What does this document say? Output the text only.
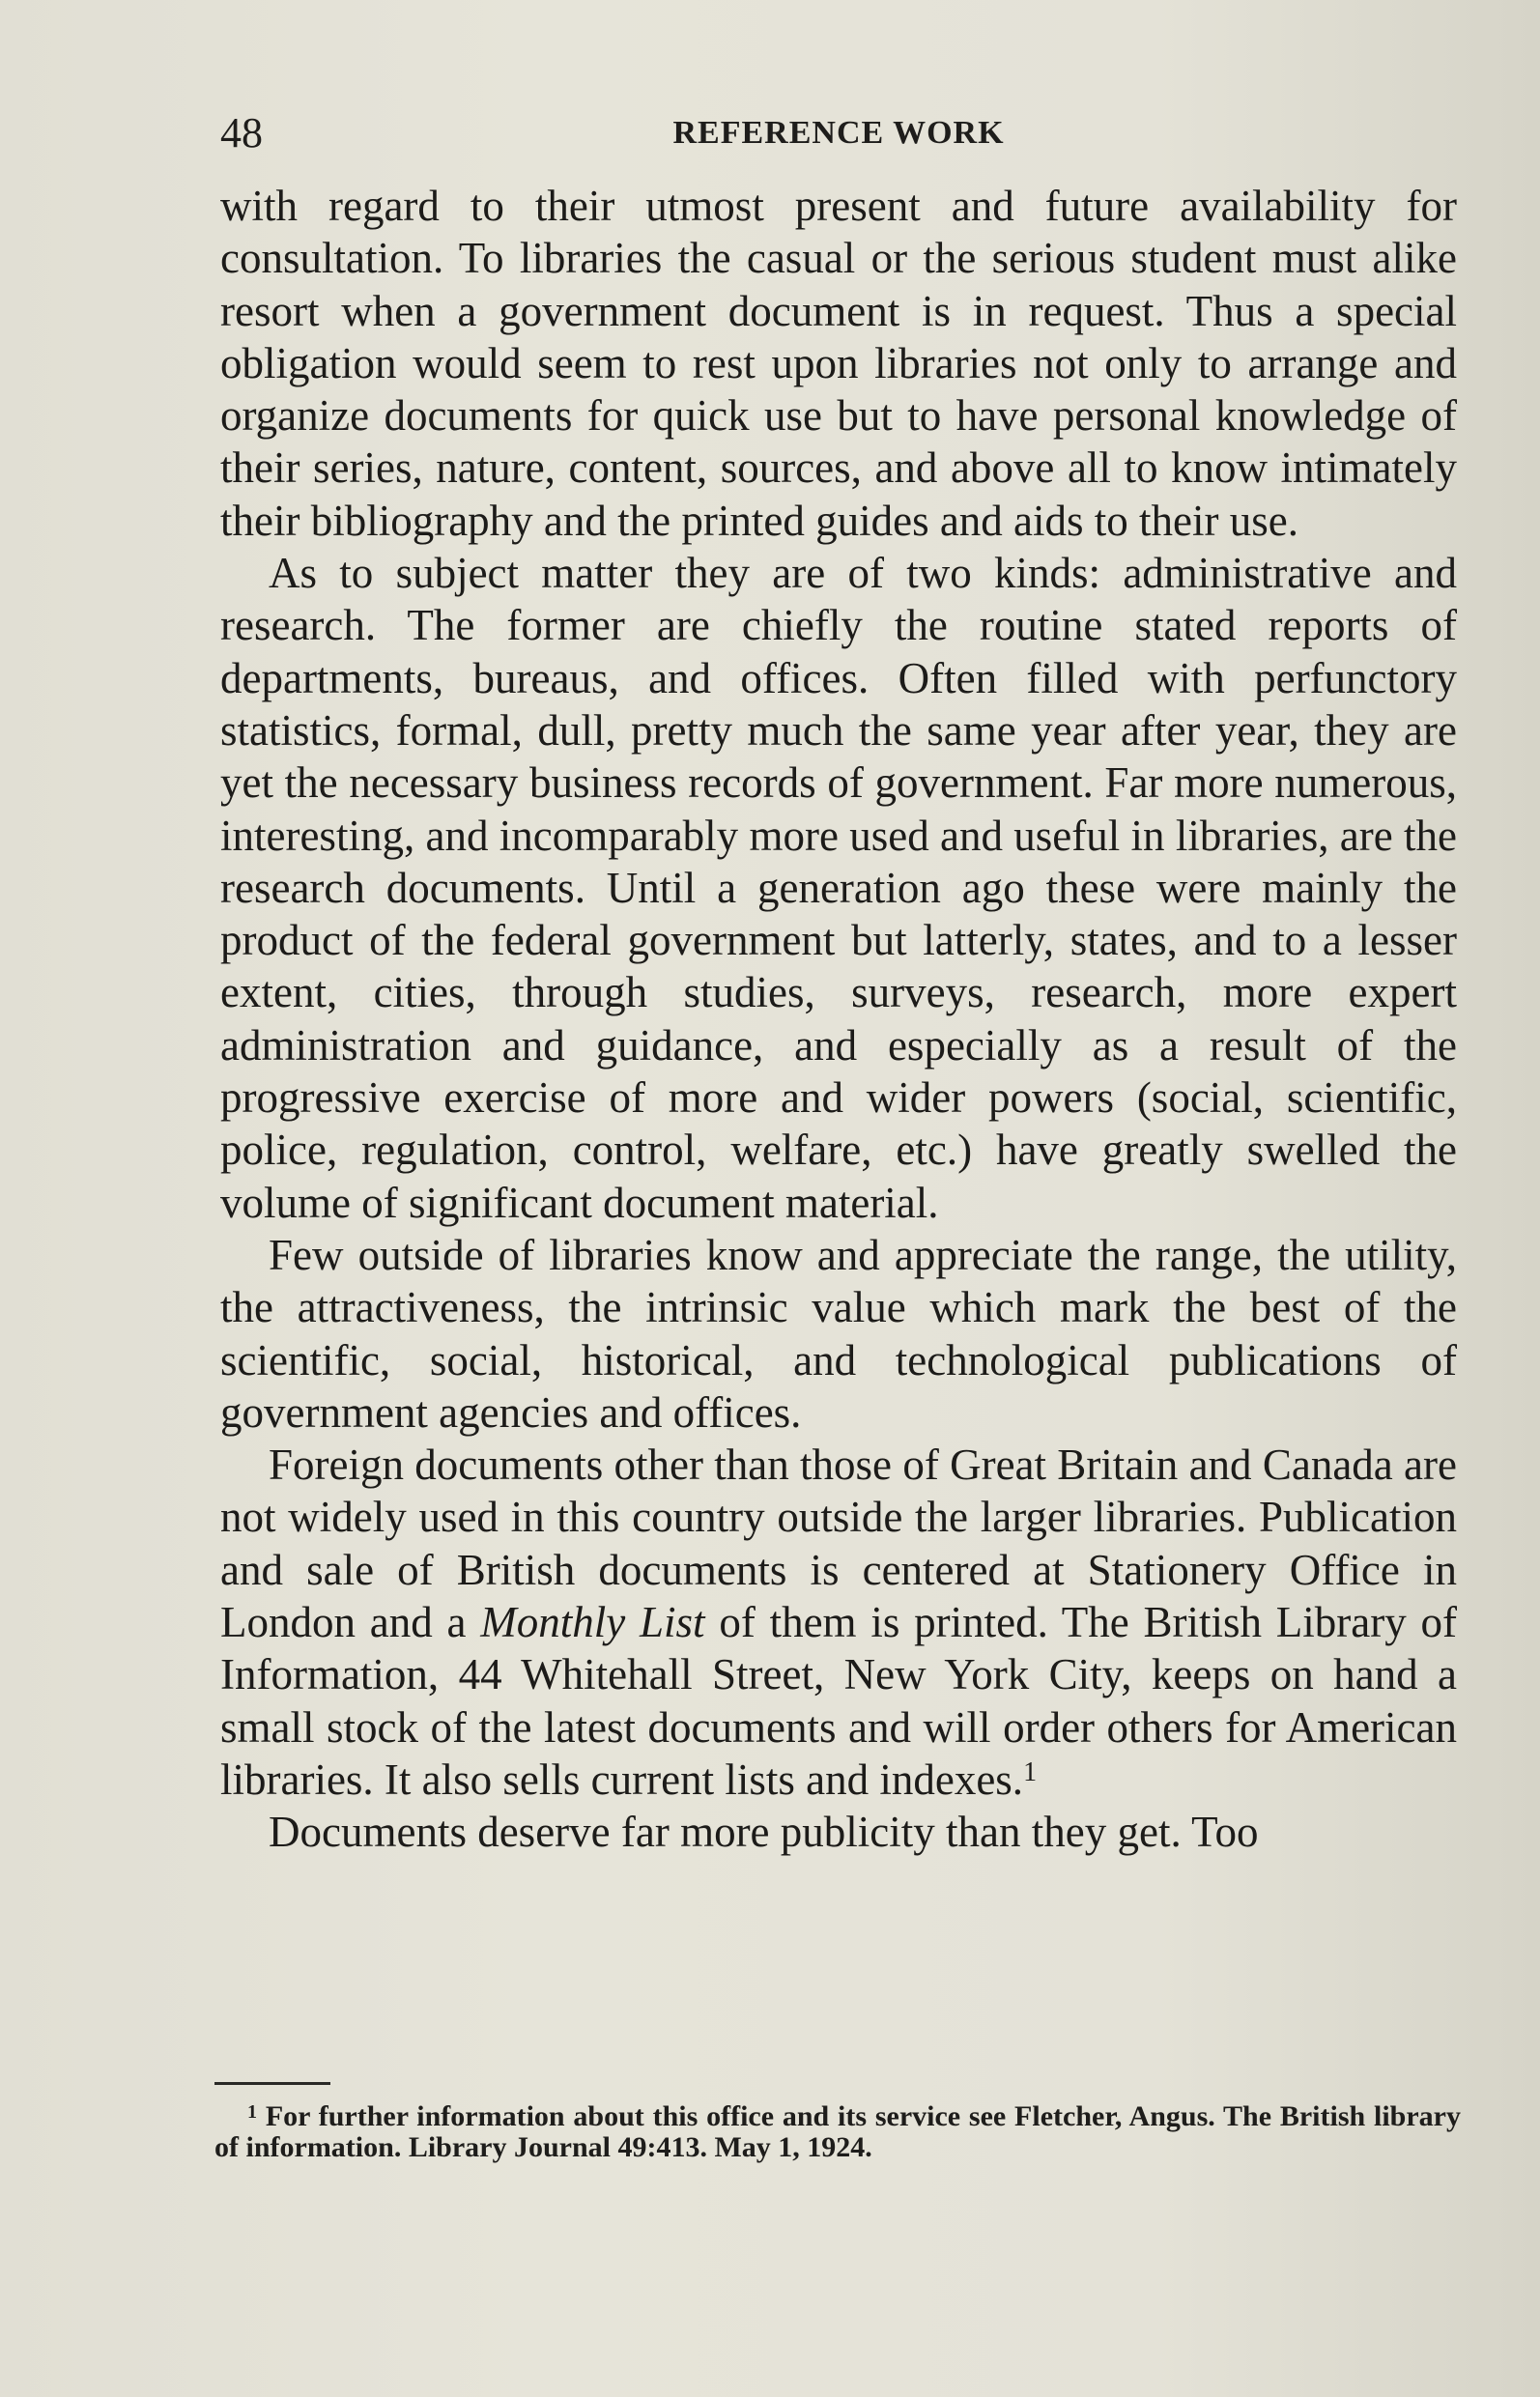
48	REFERENCE WORK

with regard to their utmost present and future availability for consultation. To libraries the casual or the serious student must alike resort when a government document is in request. Thus a special obligation would seem to rest upon libraries not only to arrange and organize documents for quick use but to have personal knowledge of their series, nature, content, sources, and above all to know intimately their bibliography and the printed guides and aids to their use.

As to subject matter they are of two kinds: administrative and research. The former are chiefly the routine stated reports of departments, bureaus, and offices. Often filled with perfunctory statistics, formal, dull, pretty much the same year after year, they are yet the necessary business records of government. Far more numerous, interesting, and incomparably more used and useful in libraries, are the research documents. Until a generation ago these were mainly the product of the federal government but latterly, states, and to a lesser extent, cities, through studies, surveys, research, more expert administration and guidance, and especially as a result of the progressive exercise of more and wider powers (social, scientific, police, regulation, control, welfare, etc.) have greatly swelled the volume of significant document material.

Few outside of libraries know and appreciate the range, the utility, the attractiveness, the intrinsic value which mark the best of the scientific, social, historical, and technological publications of government agencies and offices.

Foreign documents other than those of Great Britain and Canada are not widely used in this country outside the larger libraries. Publication and sale of British documents is centered at Stationery Office in London and a Monthly List of them is printed. The British Library of Information, 44 Whitehall Street, New York City, keeps on hand a small stock of the latest documents and will order others for American libraries. It also sells current lists and indexes.$^1$

Documents deserve far more publicity than they get. Too

$^1$ For further information about this office and its service see Fletcher, Angus. The British library of information. Library Journal 49:413. May 1, 1924.
